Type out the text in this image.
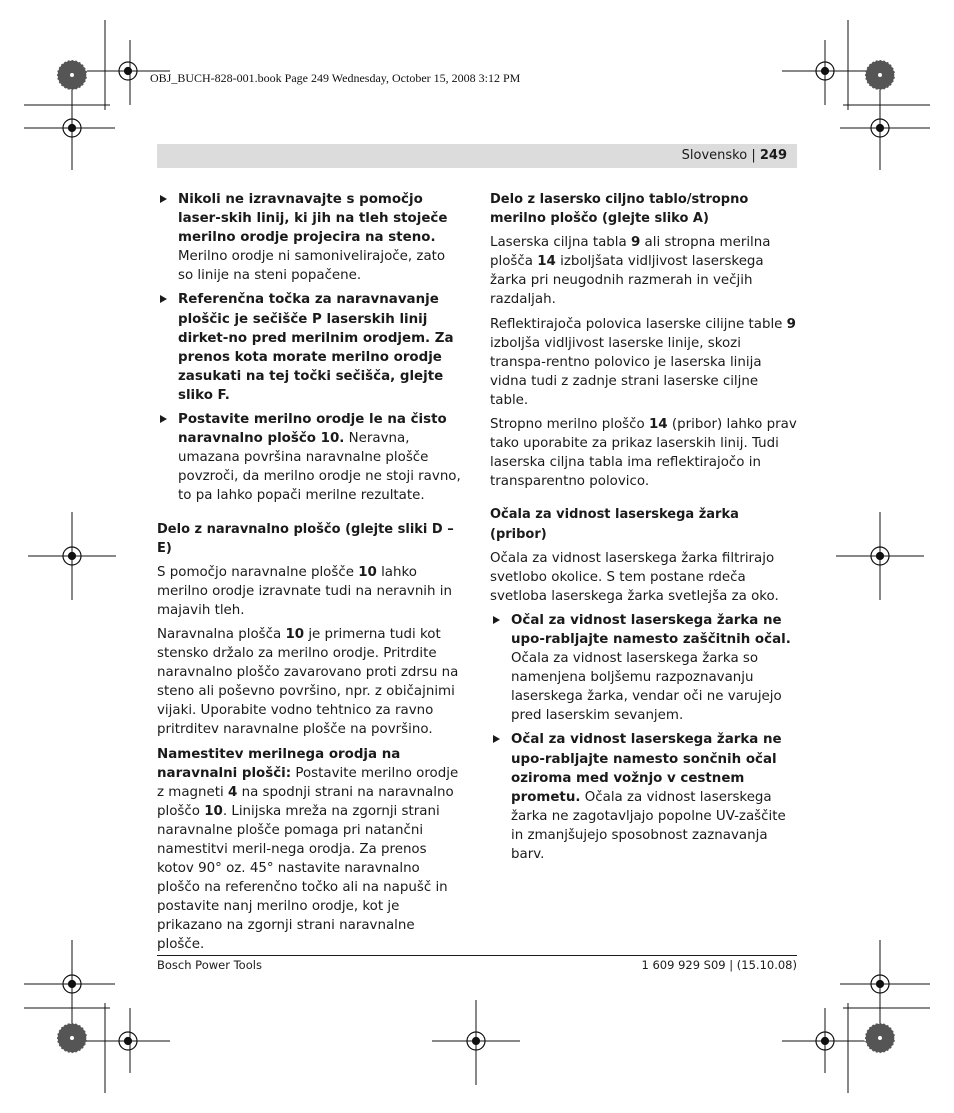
OBJ_BUCH-828-001.book Page 249 Wednesday, October 15, 2008 3:12 PM
Slovensko | 249
Nikoli ne izravnavajte s pomočjo laser-skih linij, ki jih na tleh stoječe merilno orodje projecira na steno. Merilno orodje ni samonivelirajoče, zato so linije na steni popačene.
Referenčna točka za naravnavanje ploščic je sečišče P laserskih linij dirket-no pred merilnim orodjem. Za prenos kota morate merilno orodje zasukati na tej točki sečišča, glejte sliko F.
Postavite merilno orodje le na čisto naravnalno ploščo 10. Neravna, umazana površina naravnalne plošče povzroči, da merilno orodje ne stoji ravno, to pa lahko popači merilne rezultate.

Delo z naravnalno ploščo (glejte sliki D – E)

S pomočjo naravnalne plošče 10 lahko merilno orodje izravnate tudi na neravnih in majavih tleh.

Naravnalna plošča 10 je primerna tudi kot stensko držalo za merilno orodje. Pritrdite naravnalno ploščo zavarovano proti zdrsu na steno ali poševno površino, npr. z običajnimi vijaki. Uporabite vodno tehtnico za ravno pritrditev naravnalne plošče na površino.

Namestitev merilnega orodja na naravnalni plošči: Postavite merilno orodje z magneti 4 na spodnji strani na naravnalno ploščo 10. Linijska mreža na zgornji strani naravnalne plošče pomaga pri natančni namestitvi meril-nega orodja. Za prenos kotov 90° oz. 45° nastavite naravnalno ploščo na referenčno točko ali na napušč in postavite nanj merilno orodje, kot je prikazano na zgornji strani naravnalne plošče.

Delo z lasersko ciljno tablo/stropno merilno ploščo (glejte sliko A)

Laserska ciljna tabla 9 ali stropna merilna plošča 14 izboljšata vidljivost laserskega žarka pri neugodnih razmerah in večjih razdaljah.

Reflektirajoča polovica laserske cilijne table 9 izboljša vidljivost laserske linije, skozi transpa-rentno polovico je laserska linija vidna tudi z zadnje strani laserske ciljne table.

Stropno merilno ploščo 14 (pribor) lahko prav tako uporabite za prikaz laserskih linij. Tudi laserska ciljna tabla ima reflektirajočo in transparentno polovico.

Očala za vidnost laserskega žarka (pribor)

Očala za vidnost laserskega žarka filtrirajo svetlobo okolice. S tem postane rdeča svetloba laserskega žarka svetlejša za oko.

Očal za vidnost laserskega žarka ne upo-rabljajte namesto zaščitnih očal. Očala za vidnost laserskega žarka so namenjena boljšemu razpoznavanju laserskega žarka, vendar oči ne varujejo pred laserskim sevanjem.
Očal za vidnost laserskega žarka ne upo-rabljajte namesto sončnih očal oziroma med vožnjo v cestnem prometu. Očala za vidnost laserskega žarka ne zagotavljajo popolne UV-zaščite in zmanjšujejo sposobnost zaznavanja barv.
Bosch Power Tools	1 609 929 S09 | (15.10.08)
